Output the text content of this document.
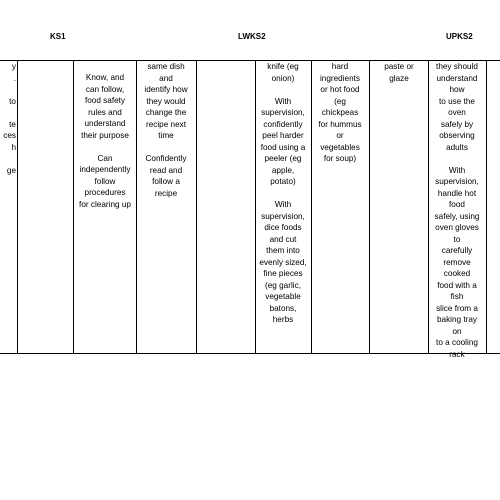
KS1	LWKS2	UPKS2
y
.

to

te
ces
h

ge
Know, and
can follow,
food safety
rules and
understand
their purpose

Can
independently
follow
procedures
for clearing up
same dish
and
identify how
they would
change the
recipe next
time

Confidently
read and
follow a
recipe
knife (eg
onion)

With
supervision,
confidently
peel harder
food using a
peeler (eg
apple,
potato)

With
supervision,
dice foods
and cut
them into
evenly sized,
fine pieces
(eg garlic,
vegetable
batons,
herbs
hard
ingredients
or hot food
(eg
chickpeas
for hummus
or
vegetables
for soup)
paste or
glaze
they should
understand
how
to use the
oven
safely by
observing
adults

With
supervision,
handle hot
food
safely, using
oven gloves
to
carefully
remove
cooked
food with a
fish
slice from a
baking tray
on
to a cooling
rack
